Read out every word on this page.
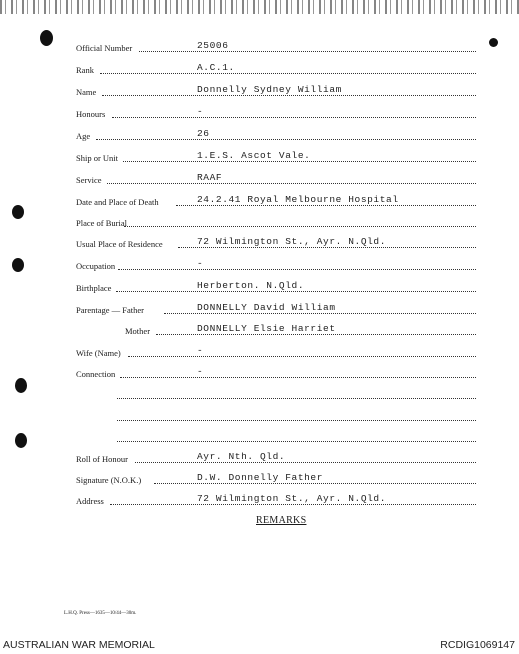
Official Number	25006
Rank	A.C.1.
Name	Donnelly Sydney William
Honours	-
Age	26
Ship or Unit	1.E.S. Ascot Vale.
Service	RAAF
Date and Place of Death	24.2.41 Royal Melbourne Hospital
Place of Burial
Usual Place of Residence	72 Wilmington St., Ayr. N.Qld.
Occupation	-
Birthplace	Herberton. N.Qld.
Parentage — Father	DONNELLY David William
Mother	DONNELLY Elsie Harriet
Wife (Name)	-
Connection	-
Roll of Honour	Ayr. Nth. Qld.
Signature (N.O.K.)	D.W. Donnelly Father
Address	72 Wilmington St., Ayr. N.Qld.
REMARKS
L.H.Q. Press—1635—10/44—30m.
AUSTRALIAN WAR MEMORIAL	RCDIG1069147
